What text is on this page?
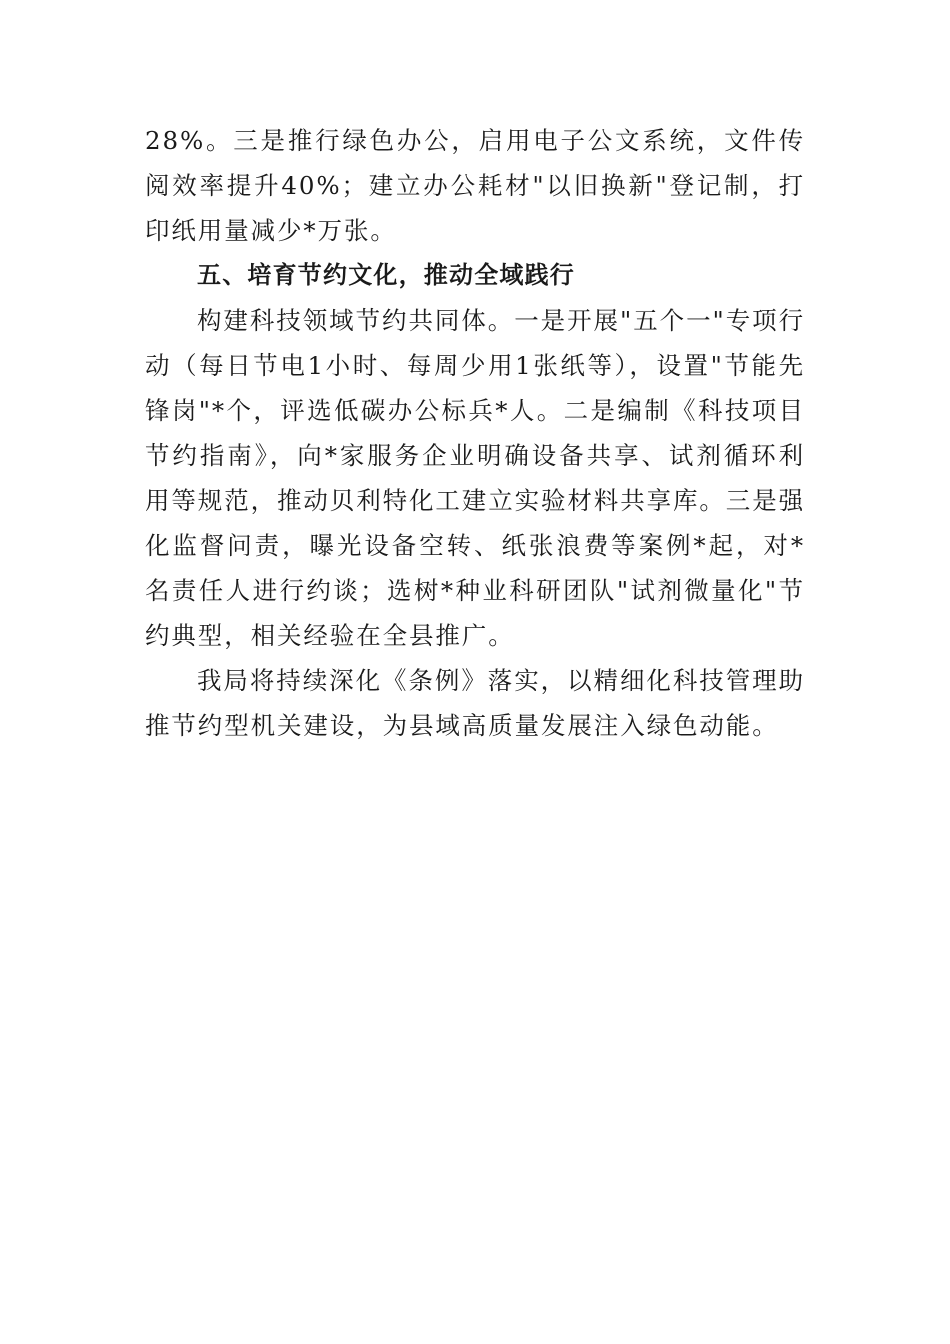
28%。三是推行绿色办公，启用电子公文系统，文件传阅效率提升40%；建立办公耗材"以旧换新"登记制，打印纸用量减少*万张。

五、培育节约文化，推动全域践行

构建科技领域节约共同体。一是开展"五个一"专项行动（每日节电1小时、每周少用1张纸等），设置"节能先锋岗"*个，评选低碳办公标兵*人。二是编制《科技项目节约指南》，向*家服务企业明确设备共享、试剂循环利用等规范，推动贝利特化工建立实验材料共享库。三是强化监督问责，曝光设备空转、纸张浪费等案例*起，对*名责任人进行约谈；选树*种业科研团队"试剂微量化"节约典型，相关经验在全县推广。

我局将持续深化《条例》落实，以精细化科技管理助推节约型机关建设，为县域高质量发展注入绿色动能。
